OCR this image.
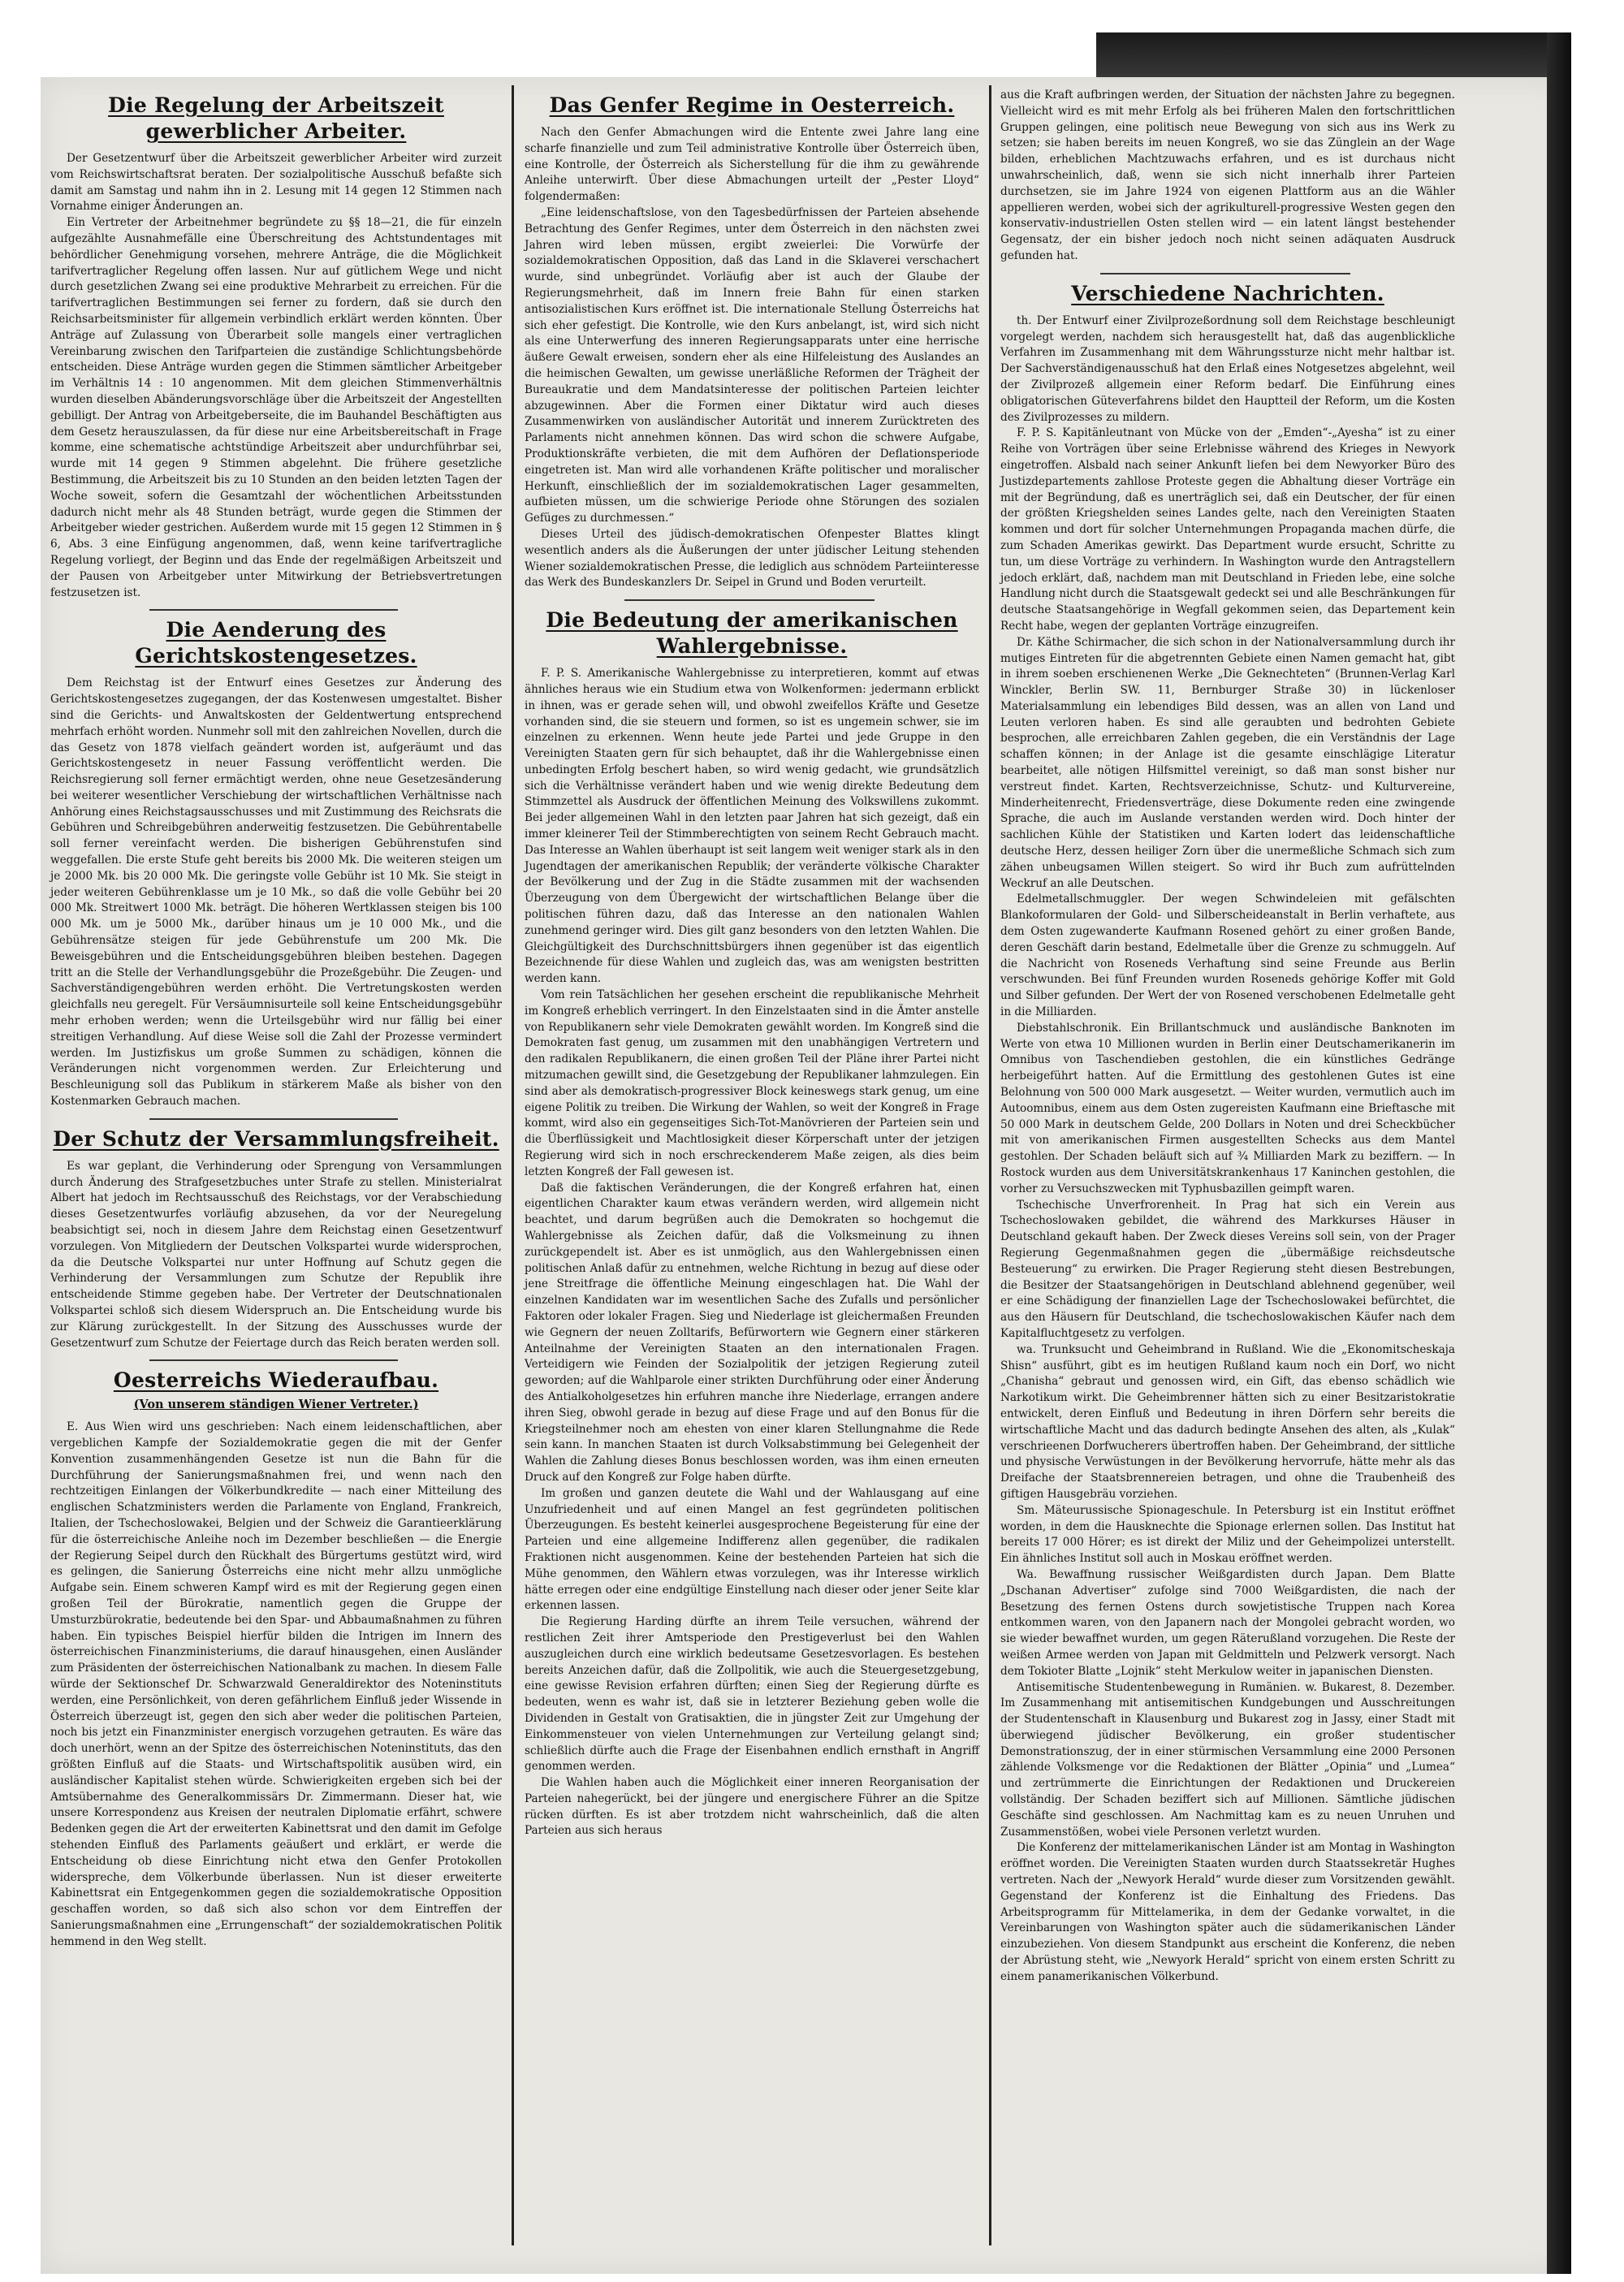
Die Regelung der Arbeitszeit gewerblicher Arbeiter.

Der Gesetzentwurf über die Arbeitszeit gewerblicher Arbeiter wird zurzeit vom Reichswirtschaftsrat beraten. Der sozialpolitische Ausschuß befaßte sich damit am Samstag und nahm ihn in 2. Lesung mit 14 gegen 12 Stimmen nach Vornahme einiger Änderungen an.

Ein Vertreter der Arbeitnehmer begründete zu §§ 18—21, die für einzeln aufgezählte Ausnahmefälle eine Überschreitung des Achtstundentages mit behördlicher Genehmigung vorsehen, mehrere Anträge, die die Möglichkeit tarifvertraglicher Regelung offen lassen. Nur auf gütlichem Wege und nicht durch gesetzlichen Zwang sei eine produktive Mehrarbeit zu erreichen. Für die tarifvertraglichen Bestimmungen sei ferner zu fordern, daß sie durch den Reichsarbeitsminister für allgemein verbindlich erklärt werden könnten. Über Anträge auf Zulassung von Überarbeit solle mangels einer vertraglichen Vereinbarung zwischen den Tarifparteien die zuständige Schlichtungsbehörde entscheiden. Diese Anträge wurden gegen die Stimmen sämtlicher Arbeitgeber im Verhältnis 14 : 10 angenommen. Mit dem gleichen Stimmenverhältnis wurden dieselben Abänderungsvorschläge über die Arbeitszeit der Angestellten gebilligt. Der Antrag von Arbeitgeberseite, die im Bauhandel Beschäftigten aus dem Gesetz herauszulassen, da für diese nur eine Arbeitsbereitschaft in Frage komme, eine schematische achtstündige Arbeitszeit aber undurchführbar sei, wurde mit 14 gegen 9 Stimmen abgelehnt. Die frühere gesetzliche Bestimmung, die Arbeitszeit bis zu 10 Stunden an den beiden letzten Tagen der Woche soweit, sofern die Gesamtzahl der wöchentlichen Arbeitsstunden dadurch nicht mehr als 48 Stunden beträgt, wurde gegen die Stimmen der Arbeitgeber wieder gestrichen. Außerdem wurde mit 15 gegen 12 Stimmen in § 6, Abs. 3 eine Einfügung angenommen, daß, wenn keine tarifvertragliche Regelung vorliegt, der Beginn und das Ende der regelmäßigen Arbeitszeit und der Pausen von Arbeitgeber unter Mitwirkung der Betriebsvertretungen festzusetzen ist.

Die Aenderung des Gerichtskostengesetzes.

Dem Reichstag ist der Entwurf eines Gesetzes zur Änderung des Gerichtskostengesetzes zugegangen, der das Kostenwesen umgestaltet. Bisher sind die Gerichts- und Anwaltskosten der Geldentwertung entsprechend mehrfach erhöht worden. Nunmehr soll mit den zahlreichen Novellen, durch die das Gesetz von 1878 vielfach geändert worden ist, aufgeräumt und das Gerichtskostengesetz in neuer Fassung veröffentlicht werden. Die Reichsregierung soll ferner ermächtigt werden, ohne neue Gesetzesänderung bei weiterer wesentlicher Verschiebung der wirtschaftlichen Verhältnisse nach Anhörung eines Reichstagsausschusses und mit Zustimmung des Reichsrats die Gebühren und Schreibgebühren anderweitig festzusetzen. Die Gebührentabelle soll ferner vereinfacht werden. Die bisherigen Gebührenstufen sind weggefallen. Die erste Stufe geht bereits bis 2000 Mk. Die weiteren steigen um je 2000 Mk. bis 20 000 Mk. Die geringste volle Gebühr ist 10 Mk. Sie steigt in jeder weiteren Gebührenklasse um je 10 Mk., so daß die volle Gebühr bei 20 000 Mk. Streitwert 1000 Mk. beträgt. Die höheren Wertklassen steigen bis 100 000 Mk. um je 5000 Mk., darüber hinaus um je 10 000 Mk., und die Gebührensätze steigen für jede Gebührenstufe um 200 Mk. Die Beweisgebühren und die Entscheidungsgebühren bleiben bestehen. Dagegen tritt an die Stelle der Verhandlungsgebühr die Prozeßgebühr. Die Zeugen- und Sachverständigengebühren werden erhöht. Die Vertretungskosten werden gleichfalls neu geregelt. Für Versäumnisurteile soll keine Entscheidungsgebühr mehr erhoben werden; wenn die Urteilsgebühr wird nur fällig bei einer streitigen Verhandlung. Auf diese Weise soll die Zahl der Prozesse vermindert werden. Im Justizfiskus um große Summen zu schädigen, können die Veränderungen nicht vorgenommen werden. Zur Erleichterung und Beschleunigung soll das Publikum in stärkerem Maße als bisher von den Kostenmarken Gebrauch machen.

Der Schutz der Versammlungsfreiheit.

Es war geplant, die Verhinderung oder Sprengung von Versammlungen durch Änderung des Strafgesetzbuches unter Strafe zu stellen. Ministerialrat Albert hat jedoch im Rechtsausschuß des Reichstags, vor der Verabschiedung dieses Gesetzentwurfes vorläufig abzusehen, da vor der Neuregelung beabsichtigt sei, noch in diesem Jahre dem Reichstag einen Gesetzentwurf vorzulegen. Von Mitgliedern der Deutschen Volkspartei wurde widersprochen, da die Deutsche Volkspartei nur unter Hoffnung auf Schutz gegen die Verhinderung der Versammlungen zum Schutze der Republik ihre entscheidende Stimme gegeben habe. Der Vertreter der Deutschnationalen Volkspartei schloß sich diesem Widerspruch an. Die Entscheidung wurde bis zur Klärung zurückgestellt. In der Sitzung des Ausschusses wurde der Gesetzentwurf zum Schutze der Feiertage durch das Reich beraten werden soll.

Oesterreichs Wiederaufbau.
(Von unserem ständigen Wiener Vertreter.)

E. Aus Wien wird uns geschrieben: Nach einem leidenschaftlichen, aber vergeblichen Kampfe der Sozialdemokratie gegen die mit der Genfer Konvention zusammenhängenden Gesetze ist nun die Bahn für die Durchführung der Sanierungsmaßnahmen frei, und wenn nach den rechtzeitigen Einlangen der Völkerbundkredite — nach einer Mitteilung des englischen Schatzministers werden die Parlamente von England, Frankreich, Italien, der Tschechoslowakei, Belgien und der Schweiz die Garantieerklärung für die österreichische Anleihe noch im Dezember beschließen — die Energie der Regierung Seipel durch den Rückhalt des Bürgertums gestützt wird, wird es gelingen, die Sanierung Österreichs eine nicht mehr allzu unmögliche Aufgabe sein. Einem schweren Kampf wird es mit der Regierung gegen einen großen Teil der Bürokratie, namentlich gegen die Gruppe der Umsturzbürokratie, bedeutende bei den Spar- und Abbaumaßnahmen zu führen haben. Ein typisches Beispiel hierfür bilden die Intrigen im Innern des österreichischen Finanzministeriums, die darauf hinausgehen, einen Ausländer zum Präsidenten der österreichischen Nationalbank zu machen. In diesem Falle würde der Sektionschef Dr. Schwarzwald Generaldirektor des Noteninstituts werden, eine Persönlichkeit, von deren gefährlichem Einfluß jeder Wissende in Österreich überzeugt ist, gegen den sich aber weder die politischen Parteien, noch bis jetzt ein Finanzminister energisch vorzugehen getrauten. Es wäre das doch unerhört, wenn an der Spitze des österreichischen Noteninstituts, das den größten Einfluß auf die Staats- und Wirtschaftspolitik ausüben wird, ein ausländischer Kapitalist stehen würde. Schwierigkeiten ergeben sich bei der Amtsübernahme des Generalkommissärs Dr. Zimmermann. Dieser hat, wie unsere Korrespondenz aus Kreisen der neutralen Diplomatie erfährt, schwere Bedenken gegen die Art der erweiterten Kabinettsrat und den damit im Gefolge stehenden Einfluß des Parlaments geäußert und erklärt, er werde die Entscheidung ob diese Einrichtung nicht etwa den Genfer Protokollen widerspreche, dem Völkerbunde überlassen. Nun ist dieser erweiterte Kabinettsrat ein Entgegenkommen gegen die sozialdemokratische Opposition geschaffen worden, so daß sich also schon vor dem Eintreffen der Sanierungsmaßnahmen eine „Errungenschaft“ der sozialdemokratischen Politik hemmend in den Weg stellt.

Das Genfer Regime in Oesterreich.

Nach den Genfer Abmachungen wird die Entente zwei Jahre lang eine scharfe finanzielle und zum Teil administrative Kontrolle über Österreich üben, eine Kontrolle, der Österreich als Sicherstellung für die ihm zu gewährende Anleihe unterwirft. Über diese Abmachungen urteilt der „Pester Lloyd“ folgendermaßen:

„Eine leidenschaftslose, von den Tagesbedürfnissen der Parteien absehende Betrachtung des Genfer Regimes, unter dem Österreich in den nächsten zwei Jahren wird leben müssen, ergibt zweierlei: Die Vorwürfe der sozialdemokratischen Opposition, daß das Land in die Sklaverei verschachert wurde, sind unbegründet. Vorläufig aber ist auch der Glaube der Regierungsmehrheit, daß im Innern freie Bahn für einen starken antisozialistischen Kurs eröffnet ist. Die internationale Stellung Österreichs hat sich eher gefestigt. Die Kontrolle, wie den Kurs anbelangt, ist, wird sich nicht als eine Unterwerfung des inneren Regierungsapparats unter eine herrische äußere Gewalt erweisen, sondern eher als eine Hilfeleistung des Auslandes an die heimischen Gewalten, um gewisse unerläßliche Reformen der Trägheit der Bureaukratie und dem Mandatsinteresse der politischen Parteien leichter abzugewinnen. Aber die Formen einer Diktatur wird auch dieses Zusammenwirken von ausländischer Autorität und innerem Zurücktreten des Parlaments nicht annehmen können. Das wird schon die schwere Aufgabe, Produktionskräfte verbieten, die mit dem Aufhören der Deflationsperiode eingetreten ist. Man wird alle vorhandenen Kräfte politischer und moralischer Herkunft, einschließlich der im sozialdemokratischen Lager gesammelten, aufbieten müssen, um die schwierige Periode ohne Störungen des sozialen Gefüges zu durchmessen.“

Dieses Urteil des jüdisch-demokratischen Ofenpester Blattes klingt wesentlich anders als die Äußerungen der unter jüdischer Leitung stehenden Wiener sozialdemokratischen Presse, die lediglich aus schnödem Parteiinteresse das Werk des Bundeskanzlers Dr. Seipel in Grund und Boden verurteilt.

Die Bedeutung der amerikanischen Wahlergebnisse.

F. P. S. Amerikanische Wahlergebnisse zu interpretieren, kommt auf etwas ähnliches heraus wie ein Studium etwa von Wolkenformen: jedermann erblickt in ihnen, was er gerade sehen will, und obwohl zweifellos Kräfte und Gesetze vorhanden sind, die sie steuern und formen, so ist es ungemein schwer, sie im einzelnen zu erkennen. Wenn heute jede Partei und jede Gruppe in den Vereinigten Staaten gern für sich behauptet, daß ihr die Wahlergebnisse einen unbedingten Erfolg beschert haben, so wird wenig gedacht, wie grundsätzlich sich die Verhältnisse verändert haben und wie wenig direkte Bedeutung dem Stimmzettel als Ausdruck der öffentlichen Meinung des Volkswillens zukommt. Bei jeder allgemeinen Wahl in den letzten paar Jahren hat sich gezeigt, daß ein immer kleinerer Teil der Stimmberechtigten von seinem Recht Gebrauch macht. Das Interesse an Wahlen überhaupt ist seit langem weit weniger stark als in den Jugendtagen der amerikanischen Republik; der veränderte völkische Charakter der Bevölkerung und der Zug in die Städte zusammen mit der wachsenden Überzeugung von dem Übergewicht der wirtschaftlichen Belange über die politischen führen dazu, daß das Interesse an den nationalen Wahlen zunehmend geringer wird. Dies gilt ganz besonders von den letzten Wahlen. Die Gleichgültigkeit des Durchschnittsbürgers ihnen gegenüber ist das eigentlich Bezeichnende für diese Wahlen und zugleich das, was am wenigsten bestritten werden kann.

Vom rein Tatsächlichen her gesehen erscheint die republikanische Mehrheit im Kongreß erheblich verringert. In den Einzelstaaten sind in die Ämter anstelle von Republikanern sehr viele Demokraten gewählt worden. Im Kongreß sind die Demokraten fast genug, um zusammen mit den unabhängigen Vertretern und den radikalen Republikanern, die einen großen Teil der Pläne ihrer Partei nicht mitzumachen gewillt sind, die Gesetzgebung der Republikaner lahmzulegen. Ein sind aber als demokratisch-progressiver Block keineswegs stark genug, um eine eigene Politik zu treiben. Die Wirkung der Wahlen, so weit der Kongreß in Frage kommt, wird also ein gegenseitiges Sich-Tot-Manövrieren der Parteien sein und die Überflüssigkeit und Machtlosigkeit dieser Körperschaft unter der jetzigen Regierung wird sich in noch erschreckenderem Maße zeigen, als dies beim letzten Kongreß der Fall gewesen ist.

Daß die faktischen Veränderungen, die der Kongreß erfahren hat, einen eigentlichen Charakter kaum etwas verändern werden, wird allgemein nicht beachtet, und darum begrüßen auch die Demokraten so hochgemut die Wahlergebnisse als Zeichen dafür, daß die Volksmeinung zu ihnen zurückgependelt ist. Aber es ist unmöglich, aus den Wahlergebnissen einen politischen Anlaß dafür zu entnehmen, welche Richtung in bezug auf diese oder jene Streitfrage die öffentliche Meinung eingeschlagen hat. Die Wahl der einzelnen Kandidaten war im wesentlichen Sache des Zufalls und persönlicher Faktoren oder lokaler Fragen. Sieg und Niederlage ist gleichermaßen Freunden wie Gegnern der neuen Zolltarifs, Befürwortern wie Gegnern einer stärkeren Anteilnahme der Vereinigten Staaten an den internationalen Fragen. Verteidigern wie Feinden der Sozialpolitik der jetzigen Regierung zuteil geworden; auf die Wahlparole einer strikten Durchführung oder einer Änderung des Antialkoholgesetzes hin erfuhren manche ihre Niederlage, errangen andere ihren Sieg, obwohl gerade in bezug auf diese Frage und auf den Bonus für die Kriegsteilnehmer noch am ehesten von einer klaren Stellungnahme die Rede sein kann. In manchen Staaten ist durch Volksabstimmung bei Gelegenheit der Wahlen die Zahlung dieses Bonus beschlossen worden, was ihm einen erneuten Druck auf den Kongreß zur Folge haben dürfte.

Im großen und ganzen deutete die Wahl und der Wahlausgang auf eine Unzufriedenheit und auf einen Mangel an fest gegründeten politischen Überzeugungen. Es besteht keinerlei ausgesprochene Begeisterung für eine der Parteien und eine allgemeine Indifferenz allen gegenüber, die radikalen Fraktionen nicht ausgenommen. Keine der bestehenden Parteien hat sich die Mühe genommen, den Wählern etwas vorzulegen, was ihr Interesse wirklich hätte erregen oder eine endgültige Einstellung nach dieser oder jener Seite klar erkennen lassen.

Die Regierung Harding dürfte an ihrem Teile versuchen, während der restlichen Zeit ihrer Amtsperiode den Prestigeverlust bei den Wahlen auszugleichen durch eine wirklich bedeutsame Gesetzesvorlagen. Es bestehen bereits Anzeichen dafür, daß die Zollpolitik, wie auch die Steuergesetzgebung, eine gewisse Revision erfahren dürften; einen Sieg der Regierung dürfte es bedeuten, wenn es wahr ist, daß sie in letzterer Beziehung geben wolle die Dividenden in Gestalt von Gratisaktien, die in jüngster Zeit zur Umgehung der Einkommensteuer von vielen Unternehmungen zur Verteilung gelangt sind; schließlich dürfte auch die Frage der Eisenbahnen endlich ernsthaft in Angriff genommen werden.

Die Wahlen haben auch die Möglichkeit einer inneren Reorganisation der Parteien nahegerückt, bei der jüngere und energischere Führer an die Spitze rücken dürften. Es ist aber trotzdem nicht wahrscheinlich, daß die alten Parteien aus sich heraus

aus die Kraft aufbringen werden, der Situation der nächsten Jahre zu begegnen. Vielleicht wird es mit mehr Erfolg als bei früheren Malen den fortschrittlichen Gruppen gelingen, eine politisch neue Bewegung von sich aus ins Werk zu setzen; sie haben bereits im neuen Kongreß, wo sie das Zünglein an der Wage bilden, erheblichen Machtzuwachs erfahren, und es ist durchaus nicht unwahrscheinlich, daß, wenn sie sich nicht innerhalb ihrer Parteien durchsetzen, sie im Jahre 1924 von eigenen Plattform aus an die Wähler appellieren werden, wobei sich der agrikulturell-progressive Westen gegen den konservativ-industriellen Osten stellen wird — ein latent längst bestehender Gegensatz, der ein bisher jedoch noch nicht seinen adäquaten Ausdruck gefunden hat.

Verschiedene Nachrichten.

th. Der Entwurf einer Zivilprozeßordnung soll dem Reichstage beschleunigt vorgelegt werden, nachdem sich herausgestellt hat, daß das augenblickliche Verfahren im Zusammenhang mit dem Währungssturze nicht mehr haltbar ist. Der Sachverständigenausschuß hat den Erlaß eines Notgesetzes abgelehnt, weil der Zivilprozeß allgemein einer Reform bedarf. Die Einführung eines obligatorischen Güteverfahrens bildet den Hauptteil der Reform, um die Kosten des Zivilprozesses zu mildern.

F. P. S. Kapitänleutnant von Mücke von der „Emden“-„Ayesha“ ist zu einer Reihe von Vorträgen über seine Erlebnisse während des Krieges in Newyork eingetroffen. Alsbald nach seiner Ankunft liefen bei dem Newyorker Büro des Justizdepartements zahllose Proteste gegen die Abhaltung dieser Vorträge ein mit der Begründung, daß es unerträglich sei, daß ein Deutscher, der für einen der größten Kriegshelden seines Landes gelte, nach den Vereinigten Staaten kommen und dort für solcher Unternehmungen Propaganda machen dürfe, die zum Schaden Amerikas gewirkt. Das Department wurde ersucht, Schritte zu tun, um diese Vorträge zu verhindern. In Washington wurde den Antragstellern jedoch erklärt, daß, nachdem man mit Deutschland in Frieden lebe, eine solche Handlung nicht durch die Staatsgewalt gedeckt sei und alle Beschränkungen für deutsche Staatsangehörige in Wegfall gekommen seien, das Departement kein Recht habe, wegen der geplanten Vorträge einzugreifen.

Dr. Käthe Schirmacher, die sich schon in der Nationalversammlung durch ihr mutiges Eintreten für die abgetrennten Gebiete einen Namen gemacht hat, gibt in ihrem soeben erschienenen Werke „Die Geknechteten“ (Brunnen-Verlag Karl Winckler, Berlin SW. 11, Bernburger Straße 30) in lückenloser Materialsammlung ein lebendiges Bild dessen, was an allen von Land und Leuten verloren haben. Es sind alle geraubten und bedrohten Gebiete besprochen, alle erreichbaren Zahlen gegeben, die ein Verständnis der Lage schaffen können; in der Anlage ist die gesamte einschlägige Literatur bearbeitet, alle nötigen Hilfsmittel vereinigt, so daß man sonst bisher nur verstreut findet. Karten, Rechtsverzeichnisse, Schutz- und Kulturvereine, Minderheitenrecht, Friedensverträge, diese Dokumente reden eine zwingende Sprache, die auch im Auslande verstanden werden wird. Doch hinter der sachlichen Kühle der Statistiken und Karten lodert das leidenschaftliche deutsche Herz, dessen heiliger Zorn über die unermeßliche Schmach sich zum zähen unbeugsamen Willen steigert. So wird ihr Buch zum aufrüttelnden Weckruf an alle Deutschen.

Edelmetallschmuggler. Der wegen Schwindeleien mit gefälschten Blankoformularen der Gold- und Silberscheideanstalt in Berlin verhaftete, aus dem Osten zugewanderte Kaufmann Rosened gehört zu einer großen Bande, deren Geschäft darin bestand, Edelmetalle über die Grenze zu schmuggeln. Auf die Nachricht von Roseneds Verhaftung sind seine Freunde aus Berlin verschwunden. Bei fünf Freunden wurden Roseneds gehörige Koffer mit Gold und Silber gefunden. Der Wert der von Rosened verschobenen Edelmetalle geht in die Milliarden.

Diebstahlschronik. Ein Brillantschmuck und ausländische Banknoten im Werte von etwa 10 Millionen wurden in Berlin einer Deutschamerikanerin im Omnibus von Taschendieben gestohlen, die ein künstliches Gedränge herbeigeführt hatten. Auf die Ermittlung des gestohlenen Gutes ist eine Belohnung von 500 000 Mark ausgesetzt. — Weiter wurden, vermutlich auch im Autoomnibus, einem aus dem Osten zugereisten Kaufmann eine Brieftasche mit 50 000 Mark in deutschem Gelde, 200 Dollars in Noten und drei Scheckbücher mit von amerikanischen Firmen ausgestellten Schecks aus dem Mantel gestohlen. Der Schaden beläuft sich auf ¾ Milliarden Mark zu beziffern. — In Rostock wurden aus dem Universitätskrankenhaus 17 Kaninchen gestohlen, die vorher zu Versuchszwecken mit Typhusbazillen geimpft waren.

Tschechische Unverfrorenheit. In Prag hat sich ein Verein aus Tschechoslowaken gebildet, die während des Markkurses Häuser in Deutschland gekauft haben. Der Zweck dieses Vereins soll sein, von der Prager Regierung Gegenmaßnahmen gegen die „übermäßige reichsdeutsche Besteuerung“ zu erwirken. Die Prager Regierung steht diesen Bestrebungen, die Besitzer der Staatsangehörigen in Deutschland ablehnend gegenüber, weil er eine Schädigung der finanziellen Lage der Tschechoslowakei befürchtet, die aus den Häusern für Deutschland, die tschechoslowakischen Käufer nach dem Kapitalfluchtgesetz zu verfolgen.

wa. Trunksucht und Geheimbrand in Rußland. Wie die „Ekonomitscheskaja Shisn“ ausführt, gibt es im heutigen Rußland kaum noch ein Dorf, wo nicht „Chanisha“ gebraut und genossen wird, ein Gift, das ebenso schädlich wie Narkotikum wirkt. Die Geheimbrenner hätten sich zu einer Besitzaristokratie entwickelt, deren Einfluß und Bedeutung in ihren Dörfern sehr bereits die wirtschaftliche Macht und das dadurch bedingte Ansehen des alten, als „Kulak“ verschrieenen Dorfwucherers übertroffen haben. Der Geheimbrand, der sittliche und physische Verwüstungen in der Bevölkerung hervorrufe, hätte mehr als das Dreifache der Staatsbrennereien betragen, und ohne die Traubenheiß des giftigen Hausgebräu vorziehen.

Sm. Mäteurussische Spionageschule. In Petersburg ist ein Institut eröffnet worden, in dem die Hausknechte die Spionage erlernen sollen. Das Institut hat bereits 17 000 Hörer; es ist direkt der Miliz und der Geheimpolizei unterstellt. Ein ähnliches Institut soll auch in Moskau eröffnet werden.

Wa. Bewaffnung russischer Weißgardisten durch Japan. Dem Blatte „Dschanan Advertiser“ zufolge sind 7000 Weißgardisten, die nach der Besetzung des fernen Ostens durch sowjetistische Truppen nach Korea entkommen waren, von den Japanern nach der Mongolei gebracht worden, wo sie wieder bewaffnet wurden, um gegen Räterußland vorzugehen. Die Reste der weißen Armee werden von Japan mit Geldmitteln und Pelzwerk versorgt. Nach dem Tokioter Blatte „Lojnik“ steht Merkulow weiter in japanischen Diensten.

Antisemitische Studentenbewegung in Rumänien. w. Bukarest, 8. Dezember. Im Zusammenhang mit antisemitischen Kundgebungen und Ausschreitungen der Studentenschaft in Klausenburg und Bukarest zog in Jassy, einer Stadt mit überwiegend jüdischer Bevölkerung, ein großer studentischer Demonstrationszug, der in einer stürmischen Versammlung eine 2000 Personen zählende Volksmenge vor die Redaktionen der Blätter „Opinia“ und „Lumea“ und zertrümmerte die Einrichtungen der Redaktionen und Druckereien vollständig. Der Schaden beziffert sich auf Millionen. Sämtliche jüdischen Geschäfte sind geschlossen. Am Nachmittag kam es zu neuen Unruhen und Zusammenstößen, wobei viele Personen verletzt wurden.

Die Konferenz der mittelamerikanischen Länder ist am Montag in Washington eröffnet worden. Die Vereinigten Staaten wurden durch Staatssekretär Hughes vertreten. Nach der „Newyork Herald“ wurde dieser zum Vorsitzenden gewählt. Gegenstand der Konferenz ist die Einhaltung des Friedens. Das Arbeitsprogramm für Mittelamerika, in dem der Gedanke vorwaltet, in die Vereinbarungen von Washington später auch die südamerikanischen Länder einzubeziehen. Von diesem Standpunkt aus erscheint die Konferenz, die neben der Abrüstung steht, wie „Newyork Herald“ spricht von einem ersten Schritt zu einem panamerikanischen Völkerbund.
